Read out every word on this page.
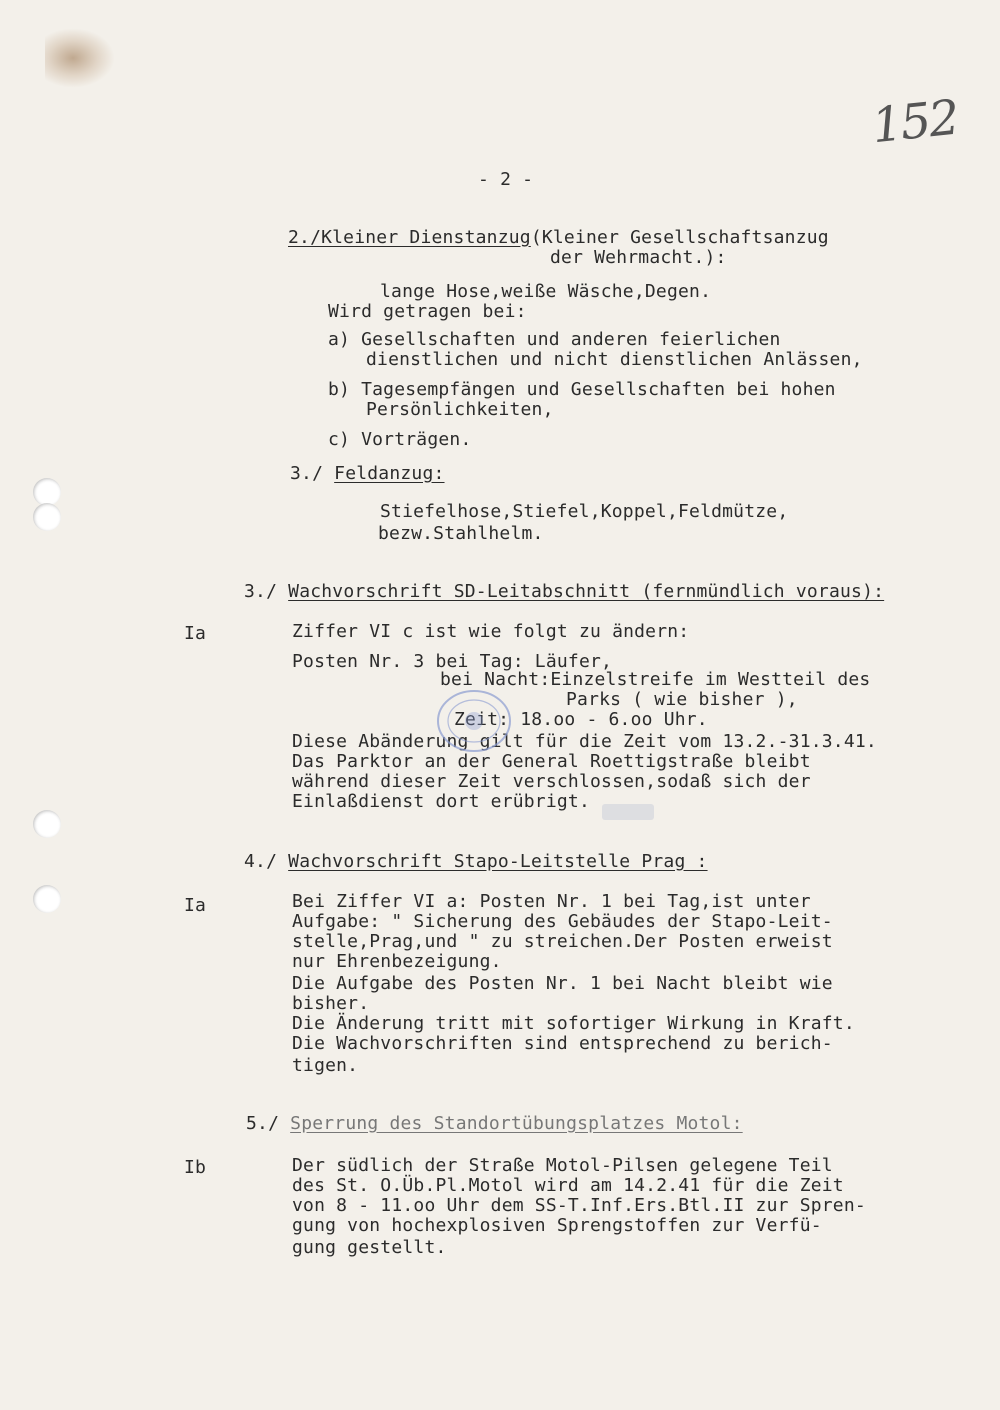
152
- 2 -
2./Kleiner Dienstanzug(Kleiner Gesellschaftsanzug
der Wehrmacht.):
lange Hose,weiße Wäsche,Degen.
Wird getragen bei:
a) Gesellschaften und anderen feierlichen
dienstlichen und nicht dienstlichen Anlässen,
b) Tagesempfängen und Gesellschaften bei hohen
Persönlichkeiten,
c) Vorträgen.
3./ Feldanzug:
Stiefelhose,Stiefel,Koppel,Feldmütze,
bezw.Stahlhelm.
3./ Wachvorschrift SD-Leitabschnitt (fernmündlich voraus):
Ia	Ziffer VI c ist wie folgt zu ändern:
Posten Nr. 3 bei Tag: Läufer,
bei Nacht:Einzelstreife im Westteil des
Parks ( wie bisher ),
Zeit: 18.oo - 6.oo Uhr.
Diese Abänderung gilt für die Zeit vom 13.2.-31.3.41.
Das Parktor an der General Roettigstraße bleibt
während dieser Zeit verschlossen,sodaß sich der
Einlaßdienst dort erübrigt.
4./ Wachvorschrift Stapo-Leitstelle Prag :
Ia	Bei Ziffer VI a: Posten Nr. 1 bei Tag,ist unter
Aufgabe: " Sicherung des Gebäudes der Stapo-Leit-
stelle,Prag,und " zu streichen.Der Posten erweist
nur Ehrenbezeigung.
Die Aufgabe des Posten Nr. 1 bei Nacht bleibt wie
bisher.
Die Änderung tritt mit sofortiger Wirkung in Kraft.
Die Wachvorschriften sind entsprechend zu berich-
tigen.
5./ Sperrung des Standortübungsplatzes Motol:
Ib	Der südlich der Straße Motol-Pilsen gelegene Teil
des St. O.Üb.Pl.Motol wird am 14.2.41 für die Zeit
von 8 - 11.oo Uhr dem SS-T.Inf.Ers.Btl.II zur Spren-
gung von hochexplosiven Sprengstoffen zur Verfü-
gung gestellt.
